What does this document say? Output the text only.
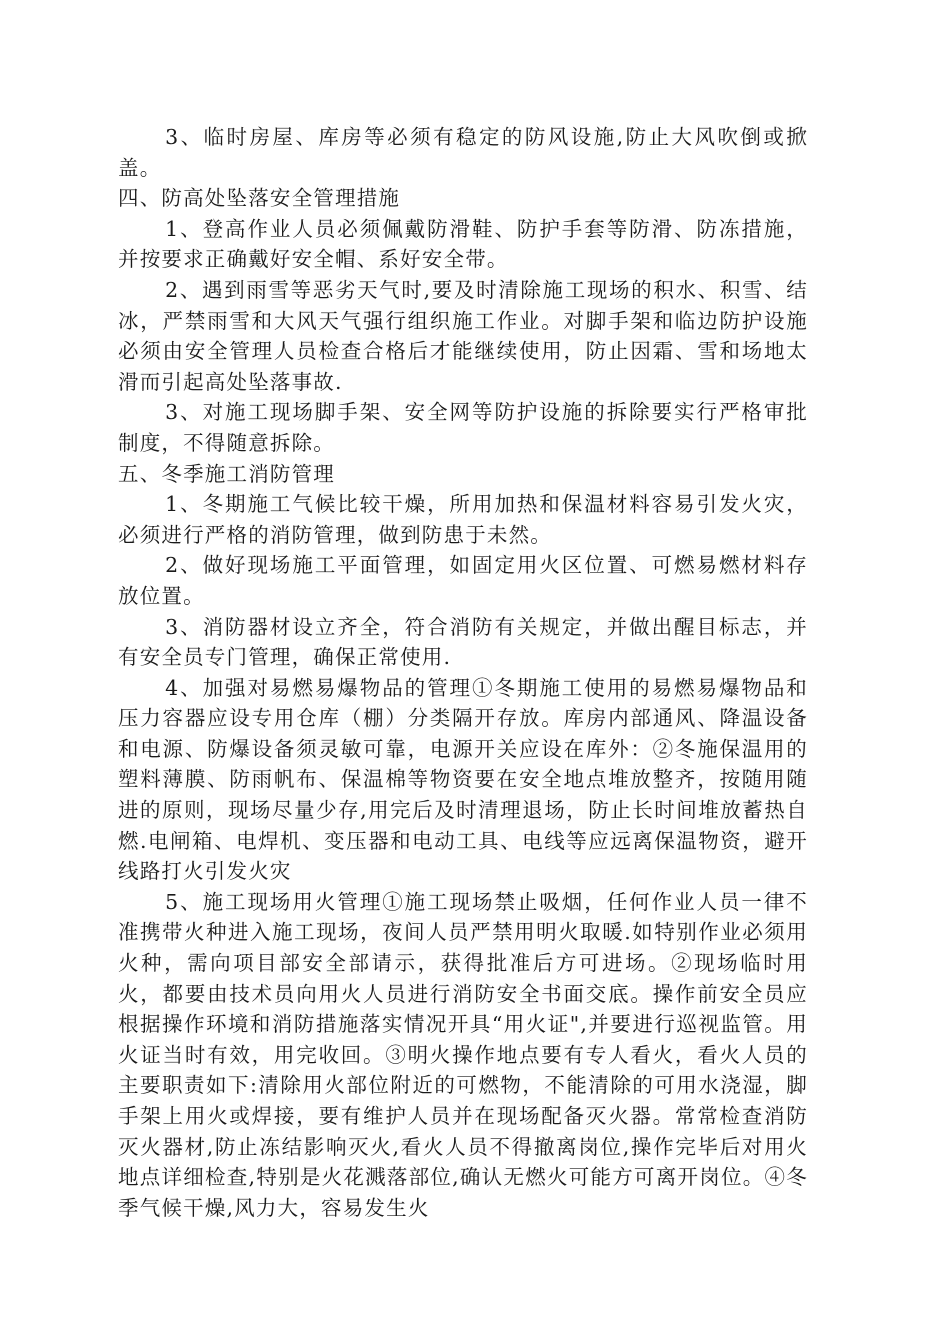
3、临时房屋、库房等必须有稳定的防风设施,防止大风吹倒或掀盖。

四、防高处坠落安全管理措施

1、登高作业人员必须佩戴防滑鞋、防护手套等防滑、防冻措施，并按要求正确戴好安全帽、系好安全带。

2、遇到雨雪等恶劣天气时,要及时清除施工现场的积水、积雪、结冰，严禁雨雪和大风天气强行组织施工作业。对脚手架和临边防护设施必须由安全管理人员检查合格后才能继续使用，防止因霜、雪和场地太滑而引起高处坠落事故.

3、对施工现场脚手架、安全网等防护设施的拆除要实行严格审批制度，不得随意拆除。

五、冬季施工消防管理

1、冬期施工气候比较干燥，所用加热和保温材料容易引发火灾，必须进行严格的消防管理，做到防患于未然。

2、做好现场施工平面管理，如固定用火区位置、可燃易燃材料存放位置。

3、消防器材设立齐全，符合消防有关规定，并做出醒目标志，并有安全员专门管理，确保正常使用.

4、加强对易燃易爆物品的管理①冬期施工使用的易燃易爆物品和压力容器应设专用仓库（棚）分类隔开存放。库房内部通风、降温设备和电源、防爆设备须灵敏可靠，电源开关应设在库外：②冬施保温用的塑料薄膜、防雨帆布、保温棉等物资要在安全地点堆放整齐，按随用随进的原则，现场尽量少存,用完后及时清理退场，防止长时间堆放蓄热自燃.电闸箱、电焊机、变压器和电动工具、电线等应远离保温物资，避开线路打火引发火灾

5、施工现场用火管理①施工现场禁止吸烟，任何作业人员一律不准携带火种进入施工现场，夜间人员严禁用明火取暖.如特别作业必须用火种，需向项目部安全部请示，获得批准后方可进场。②现场临时用火，都要由技术员向用火人员进行消防安全书面交底。操作前安全员应根据操作环境和消防措施落实情况开具“用火证",并要进行巡视监管。用火证当时有效，用完收回。③明火操作地点要有专人看火，看火人员的主要职责如下:清除用火部位附近的可燃物，不能清除的可用水浇湿，脚手架上用火或焊接，要有维护人员并在现场配备灭火器。常常检查消防灭火器材,防止冻结影响灭火,看火人员不得撤离岗位,操作完毕后对用火地点详细检查,特别是火花溅落部位,确认无燃火可能方可离开岗位。④冬季气候干燥,风力大，容易发生火
